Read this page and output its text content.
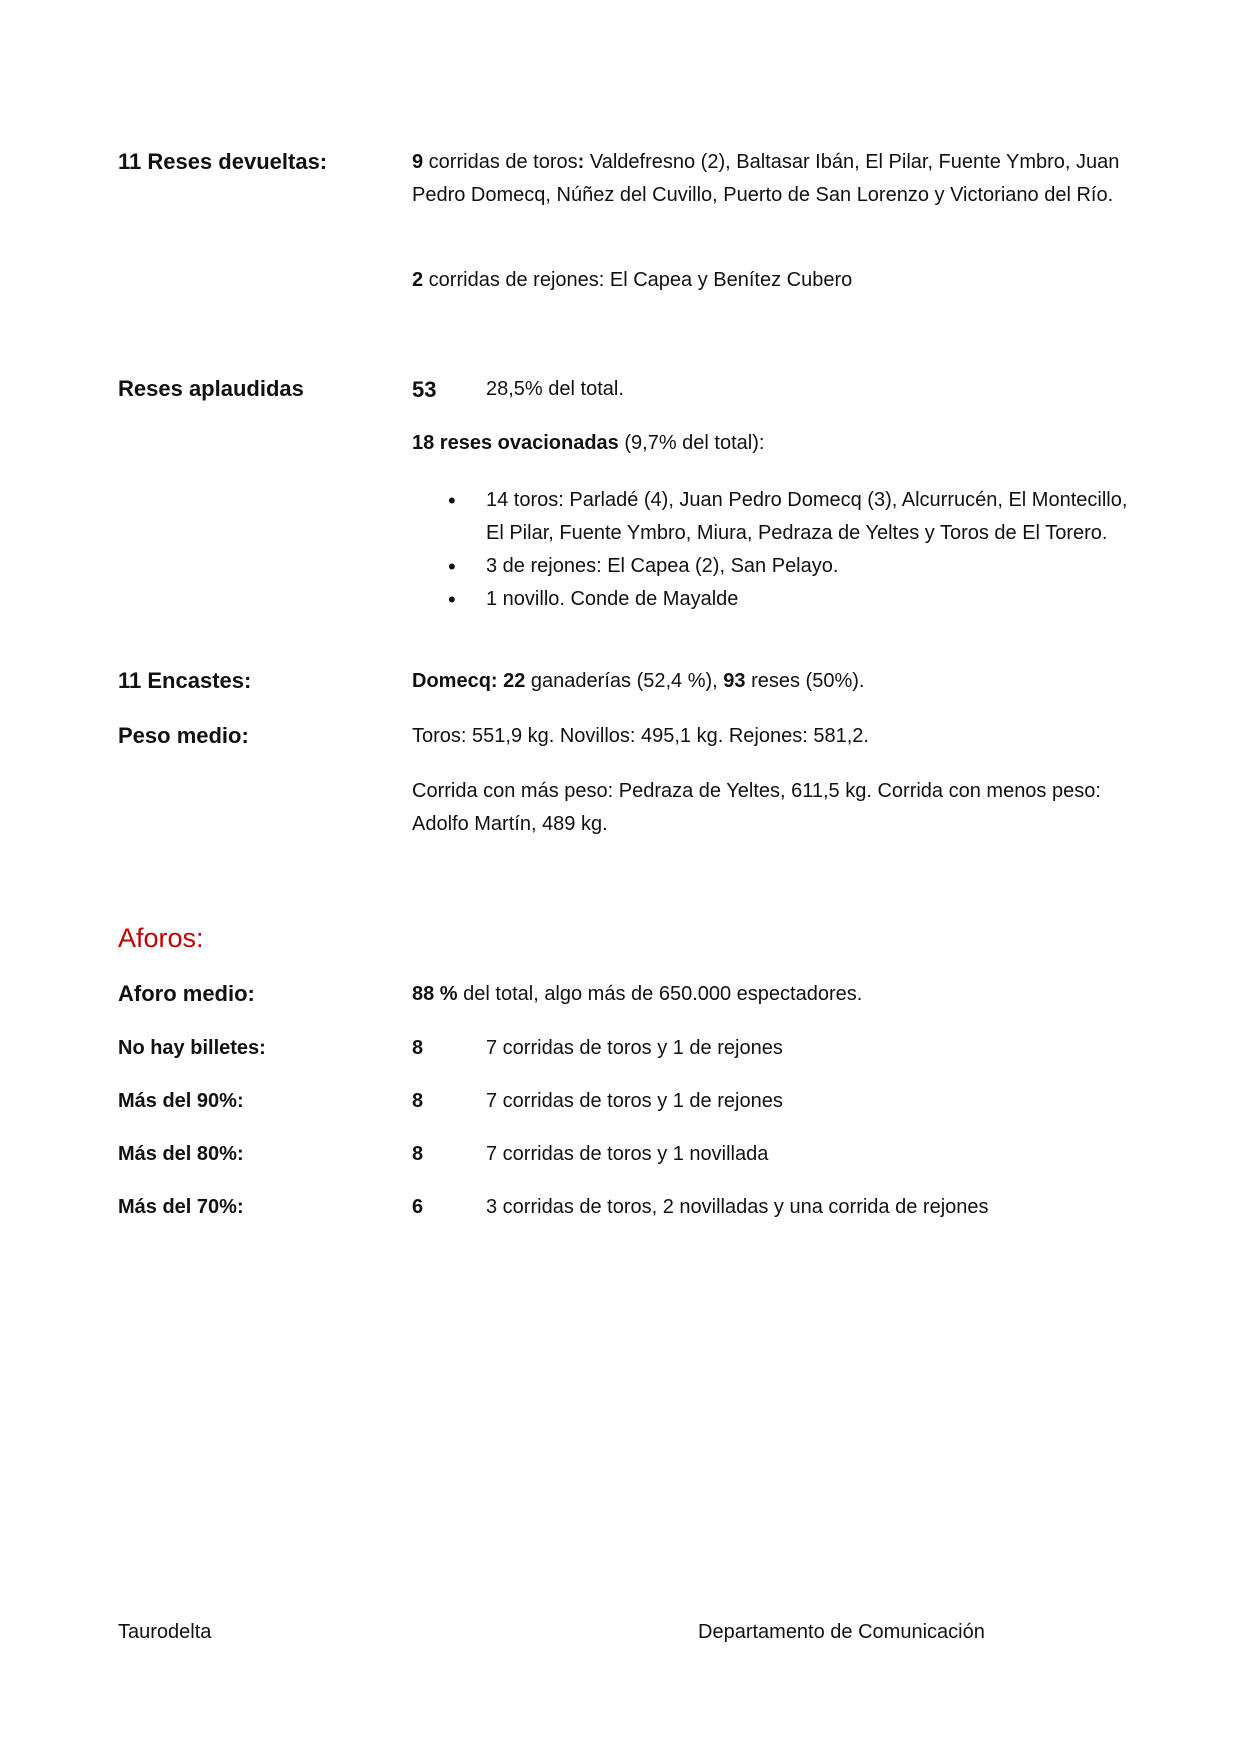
11 Reses devueltas:	9 corridas de toros: Valdefresno (2), Baltasar Ibán, El Pilar, Fuente Ymbro, Juan Pedro Domecq, Núñez del Cuvillo, Puerto de San Lorenzo y Victoriano del Río.
2 corridas de rejones: El Capea y Benítez Cubero
Reses aplaudidas	53 28,5% del total.
18 reses ovacionadas (9,7% del total):
• 14 toros: Parladé (4), Juan Pedro Domecq (3), Alcurrucén, El Montecillo, El Pilar, Fuente Ymbro, Miura, Pedraza de Yeltes y Toros de El Torero.
• 3 de rejones: El Capea (2), San Pelayo.
• 1 novillo. Conde de Mayalde
11 Encastes:	Domecq: 22 ganaderías (52,4 %), 93 reses (50%).
Peso medio:	Toros: 551,9 kg. Novillos: 495,1 kg. Rejones: 581,2.
Corrida con más peso: Pedraza de Yeltes, 611,5 kg. Corrida con menos peso: Adolfo Martín, 489 kg.
Aforos:
Aforo medio:	88 % del total, algo más de 650.000 espectadores.
No hay billetes:	8	7 corridas de toros y 1 de rejones
Más del 90%:	8	7 corridas de toros y 1 de rejones
Más del 80%:	8	7 corridas de toros y 1 novillada
Más del 70%:	6	3 corridas de toros, 2 novilladas y una corrida de rejones
Taurodelta	Departamento de Comunicación
